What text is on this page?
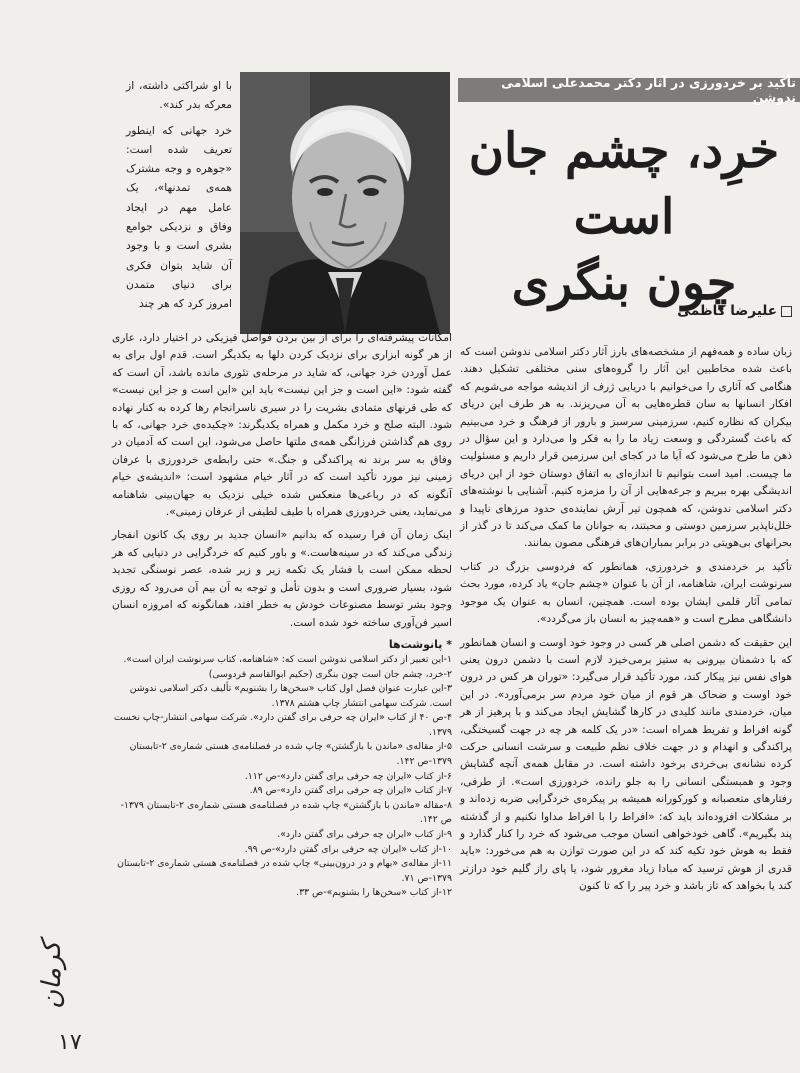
تأکید بر خردورزی در آثار دکتر محمدعلی اسلامی ندوشن
خرِد، چشم جان است
چون بنگری
علیرضا کاظمی

با او شراکتی داشته، از معرکه بدر کند».

خرد جهانی که اینطور تعریف شده است: «جوهره و وجه مشترک همه‌ی تمدنها»، یک عامل مهم در ایجاد وفاق و نزدیکی جوامع بشری است و با وجود آن شاید بتوان فکری برای دنیای متمدن امروز کرد که هر چند

زبان ساده و همه‌فهم از مشخصه‌های بارز آثار دکتر اسلامی ندوشن است که باعث شده مخاطبین این آثار را گروه‌های سنی مختلفی تشکیل دهند. هنگامی که آثاری را می‌خوانیم با دریایی ژرف از اندیشه مواجه می‌شویم که افکار انسانها به سان قطره‌هایی به آن می‌ریزند. به هر طرف این دریای بیکران که نظاره کنیم، سرزمینی سرسبز و بارور از فرهنگ و خرد می‌بینیم که باعث گستردگی و وسعت زیاد ما را به فکر وا می‌دارد و این سؤال در ذهن ما طرح می‌شود که آیا ما در کجای این سرزمین قرار داریم و مسئولیت ما چیست. امید است بتوانیم تا اندازه‌ای به اتفاق دوستان خود از این دریای اندیشگی بهره ببریم و جرعه‌هایی از آن را مزمزه کنیم. آشنایی با نوشته‌های دکتر اسلامی ندوشن، که همچون تیر آرش نماینده‌ی حدود مرزهای ناپیدا و خلل‌ناپذیر سرزمین دوستی و محبتند، به جوانان ما کمک می‌کند تا در گذر از بحرانهای بی‌هویتی در برابر بمباران‌های فرهنگی مصون بمانند.

تأکید بر خردمندی و خردورزی، همانطور که فردوسی بزرگ در کتاب سرنوشت ایران، شاهنامه، از آن با عنوان «چشم جان» یاد کرده، مورد بحث تمامی آثار قلمی ایشان بوده است. همچنین، انسان به عنوان یک موجود دانشگاهی مطرح است و «همه‌چیز به انسان باز می‌گردد».

این حقیقت که دشمن اصلی هر کسی در وجود خود اوست و انسان همانطور که با دشمنان بیرونی به ستیز برمی‌خیزد لازم است با دشمن درون یعنی هوای نفس نیز پیکار کند، مورد تأکید قرار می‌گیرد: «توران هر کس در درون خود اوست و ضحاک هر قوم از میان خود مردم سر برمی‌آورد». در این میان، خردمندی مانند کلیدی در کارها گشایش ایجاد می‌کند و با پرهیز از هر گونه افراط و تفریط همراه است: «در یک کلمه هر چه در جهت گسیختگی، پراکندگی و انهدام و در جهت خلاف نظم طبیعت و سرشت انسانی حرکت کرده نشانه‌ی بی‌خردی برخود داشته است. در مقابل همه‌ی آنچه گشایش وجود و همبستگی انسانی را به جلو رانده، خردورزی است». از طرفی، رفتارهای متعصبانه و کورکورانه همیشه بر پیکره‌ی خردگرایی ضربه زده‌اند و بر مشکلات افزوده‌اند باید که: «افراط را با افراط مداوا نکنیم و از گذشته پند بگیریم». گاهی خودخواهی انسان موجب می‌شود که خرد را کنار گذارد و فقط به هوش خود تکیه کند که در این صورت توازن به هم می‌خورد: «باید قدری از هوش ترسید که مبادا زیاد مغرور شود، یا پای راز گلیم خود درازتر کند یا بخواهد که تاز باشد و خرد پیر را که تا کنون

امکانات پیشرفته‌ای را برای از بین بردن فواصل فیزیکی در اختیار دارد، عاری از هر گونه ابزاری برای نزدیک کردن دلها به یکدیگر است. قدم اول برای به عمل آوردن خرد جهانی، که شاید در مرحله‌ی تئوری مانده باشد، آن است که گفته شود: «این است و جز این نیست» باید این «این است و جز این نیست» که طی قرنهای متمادی بشریت را در سیری ناسرانجام رها کرده به کنار نهاده شود. البته صلح و خرد مکمل و همراه یکدیگرند: «چکیده‌ی خرد جهانی، که با روی هم گذاشتن فرزانگی همه‌ی ملتها حاصل می‌شود، این است که آدمیان در وفاق به سر برند نه پراکندگی و جنگ.» حتی رابطه‌ی خردورزی با عرفان زمینی نیز مورد تأکید است که در آثار خیام مشهود است: «اندیشه‌ی خیام آنگونه که در رباعی‌ها منعکس شده خیلی نزدیک به جهان‌بینی شاهنامه می‌نماید، یعنی خردورزی همراه با طیف لطیفی از عرفان زمینی».

اینک زمان آن فرا رسیده که بدانیم «انسان جدید بر روی یک کانون انفجار زندگی می‌کند که در سینه‌هاست.» و باور کنیم که خردگرایی در دنیایی که هر لحظه ممکن است با فشار یک تکمه زیر و زبر شده، عصر نوسنگی تجدید شود، بسیار ضروری است و بدون تأمل و توجه به آن بیم آن می‌رود که روزی وجود بشر توسط مصنوعات خودش به خطر افتد، همانگونه که امروزه انسان اسیر فن‌آوری ساخته خود شده است.

* پانوشت‌ها
۱-این تعبیر از دکتر اسلامی ندوشن است که: «شاهنامه، کتاب سرنوشت ایران است».
۲-خرد، چشم جان است چون بنگری (حکیم ابوالقاسم فردوسی)
۳-این عبارت عنوان فصل اول کتاب «سخن‌ها را بشنویم» تألیف دکتر اسلامی ندوشن است. شرکت سهامی انتشار چاپ هشتم ۱۳۷۸.
۴-ص ۴۰ از کتاب «ایران چه حرفی برای گفتن دارد». شرکت سهامی انتشار-چاپ نخست ۱۳۷۹.
۵-از مقاله‌ی «ماندن با بازگشتن» چاپ شده در فصلنامه‌ی هستی شماره‌ی ۲-تابستان ۱۳۷۹-ص ۱۴۲.
۶-از کتاب «ایران چه حرفی برای گفتن دارد»-ص ۱۱۲.
۷-از کتاب «ایران چه حرفی برای گفتن دارد»-ص ۸۹.
۸-مقاله «ماندن با بازگشتن» چاپ شده در فصلنامه‌ی هستی شماره‌ی ۲-تابستان ۱۳۷۹-ص ۱۴۲.
۹-از کتاب «ایران چه حرفی برای گفتن دارد».
۱۰-از کتاب «ایران چه حرفی برای گفتن دارد»-ص ۹۹.
۱۱-از مقاله‌ی «بهام و در درون‌بینی» چاپ شده در فصلنامه‌ی هستی شماره‌ی ۲-تابستان ۱۳۷۹-ص ۷۱.
۱۲-از کتاب «سخن‌ها را بشنویم»-ص ۳۳.
کرمان
۱۷
